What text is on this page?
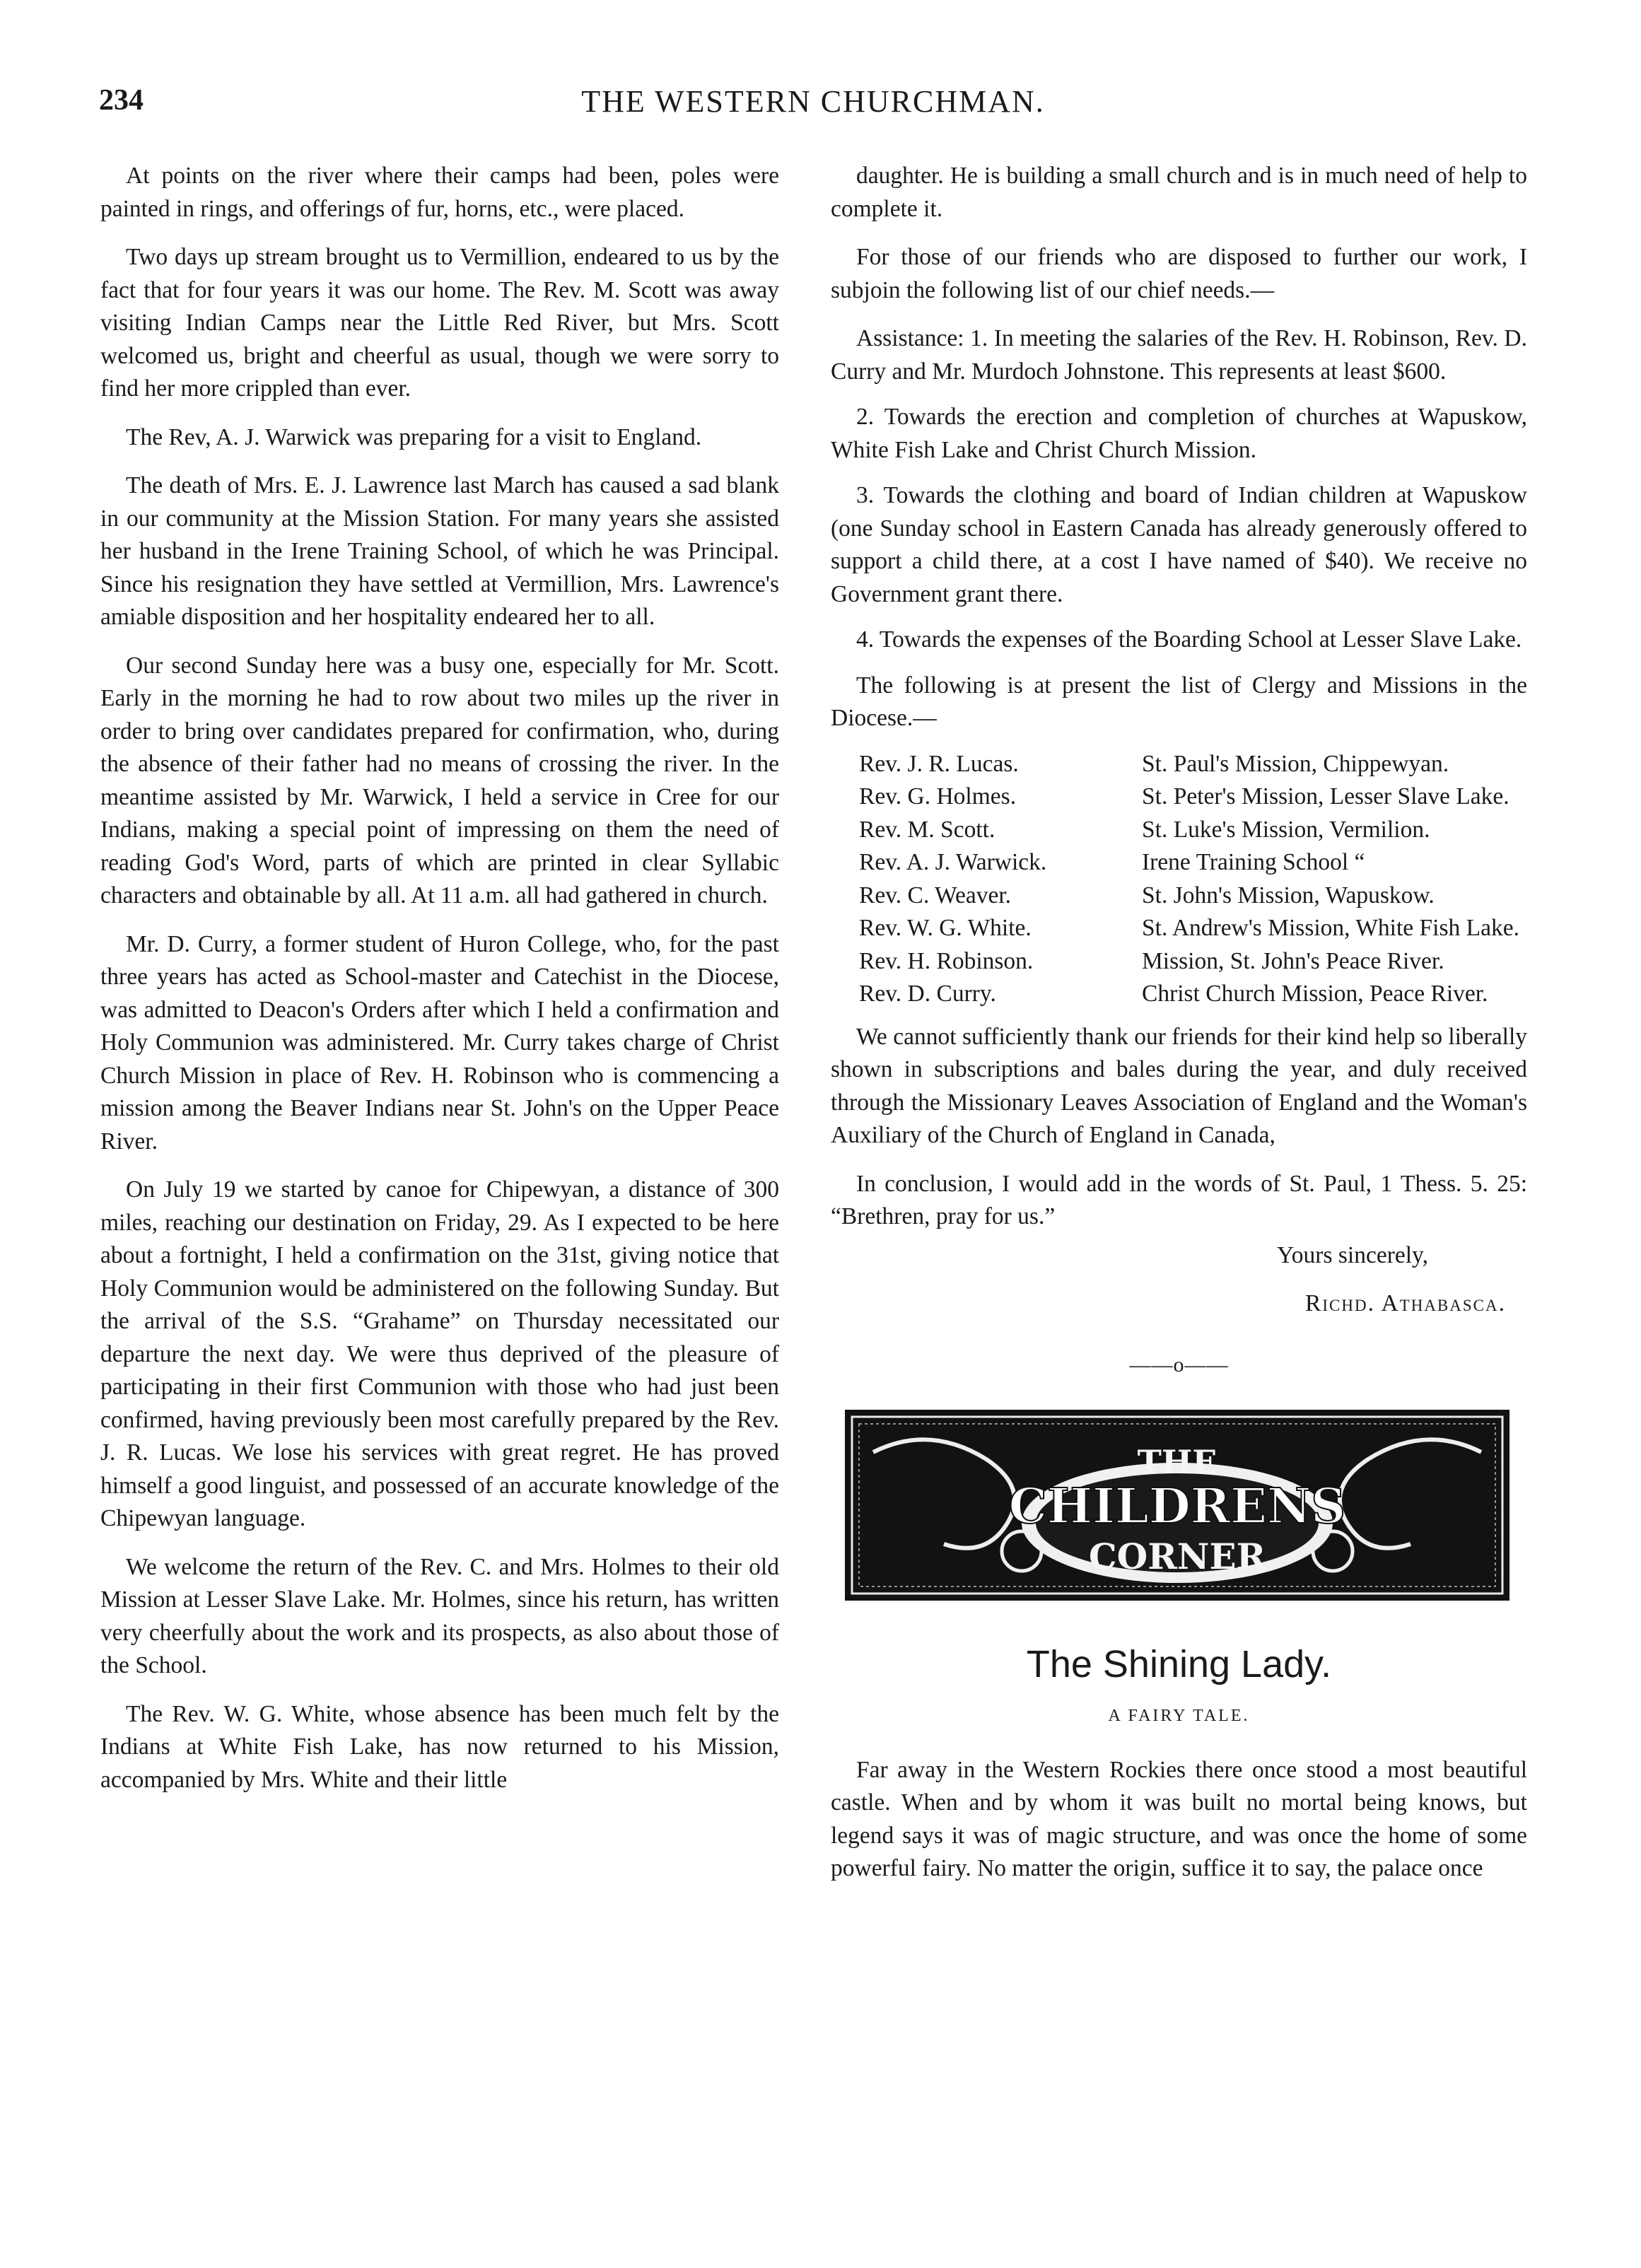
234	THE WESTERN CHURCHMAN.

At points on the river where their camps had been, poles were painted in rings, and offerings of fur, horns, etc., were placed.

Two days up stream brought us to Vermillion, endeared to us by the fact that for four years it was our home. The Rev. M. Scott was away visiting Indian Camps near the Little Red River, but Mrs. Scott welcomed us, bright and cheerful as usual, though we were sorry to find her more crippled than ever.

The Rev, A. J. Warwick was preparing for a visit to England.

The death of Mrs. E. J. Lawrence last March has caused a sad blank in our community at the Mission Station. For many years she assisted her husband in the Irene Training School, of which he was Principal. Since his resignation they have settled at Vermillion, Mrs. Lawrence's amiable disposition and her hospitality endeared her to all.

Our second Sunday here was a busy one, especially for Mr. Scott. Early in the morning he had to row about two miles up the river in order to bring over candidates prepared for confirmation, who, during the absence of their father had no means of crossing the river. In the meantime assisted by Mr. Warwick, I held a service in Cree for our Indians, making a special point of impressing on them the need of reading God's Word, parts of which are printed in clear Syllabic characters and obtainable by all. At 11 a.m. all had gathered in church.

Mr. D. Curry, a former student of Huron College, who, for the past three years has acted as School-master and Catechist in the Diocese, was admitted to Deacon's Orders after which I held a confirmation and Holy Communion was administered. Mr. Curry takes charge of Christ Church Mission in place of Rev. H. Robinson who is commencing a mission among the Beaver Indians near St. John's on the Upper Peace River.

On July 19 we started by canoe for Chipewyan, a distance of 300 miles, reaching our destination on Friday, 29. As I expected to be here about a fortnight, I held a confirmation on the 31st, giving notice that Holy Communion would be administered on the following Sunday. But the arrival of the S.S. “Grahame” on Thursday necessitated our departure the next day. We were thus deprived of the pleasure of participating in their first Communion with those who had just been confirmed, having previously been most carefully prepared by the Rev. J. R. Lucas. We lose his services with great regret. He has proved himself a good linguist, and possessed of an accurate knowledge of the Chipewyan language.

We welcome the return of the Rev. C. and Mrs. Holmes to their old Mission at Lesser Slave Lake. Mr. Holmes, since his return, has written very cheerfully about the work and its prospects, as also about those of the School.

The Rev. W. G. White, whose absence has been much felt by the Indians at White Fish Lake, has now returned to his Mission, accompanied by Mrs. White and their little

daughter. He is building a small church and is in much need of help to complete it.

For those of our friends who are disposed to further our work, I subjoin the following list of our chief needs.—

Assistance: 1. In meeting the salaries of the Rev. H. Robinson, Rev. D. Curry and Mr. Murdoch Johnstone. This represents at least $600.

2. Towards the erection and completion of churches at Wapuskow, White Fish Lake and Christ Church Mission.

3. Towards the clothing and board of Indian children at Wapuskow (one Sunday school in Eastern Canada has already generously offered to support a child there, at a cost I have named of $40). We receive no Government grant there.

4. Towards the expenses of the Boarding School at Lesser Slave Lake.

The following is at present the list of Clergy and Missions in the Diocese.—

Rev. J. R. Lucas.	St. Paul's Mission, Chippewyan.
Rev. G. Holmes.	St. Peter's Mission, Lesser Slave Lake.
Rev. M. Scott.	St. Luke's Mission, Vermilion.
Rev. A. J. Warwick.	Irene Training School “
Rev. C. Weaver.	St. John's Mission, Wapuskow.
Rev. W. G. White.	St. Andrew's Mission, White Fish Lake.
Rev. H. Robinson.	Mission, St. John's Peace River.
Rev. D. Curry.	Christ Church Mission, Peace River.

We cannot sufficiently thank our friends for their kind help so liberally shown in subscriptions and bales during the year, and duly received through the Missionary Leaves Association of England and the Woman's Auxiliary of the Church of England in Canada,

In conclusion, I would add in the words of St. Paul, 1 Thess. 5. 25: “Brethren, pray for us.”

Yours sincerely,
Richd. Athabasca.
——o——
THE
CHILDRENS
CORNER
The Shining Lady.
A FAIRY TALE.

Far away in the Western Rockies there once stood a most beautiful castle. When and by whom it was built no mortal being knows, but legend says it was of magic structure, and was once the home of some powerful fairy. No matter the origin, suffice it to say, the palace once
